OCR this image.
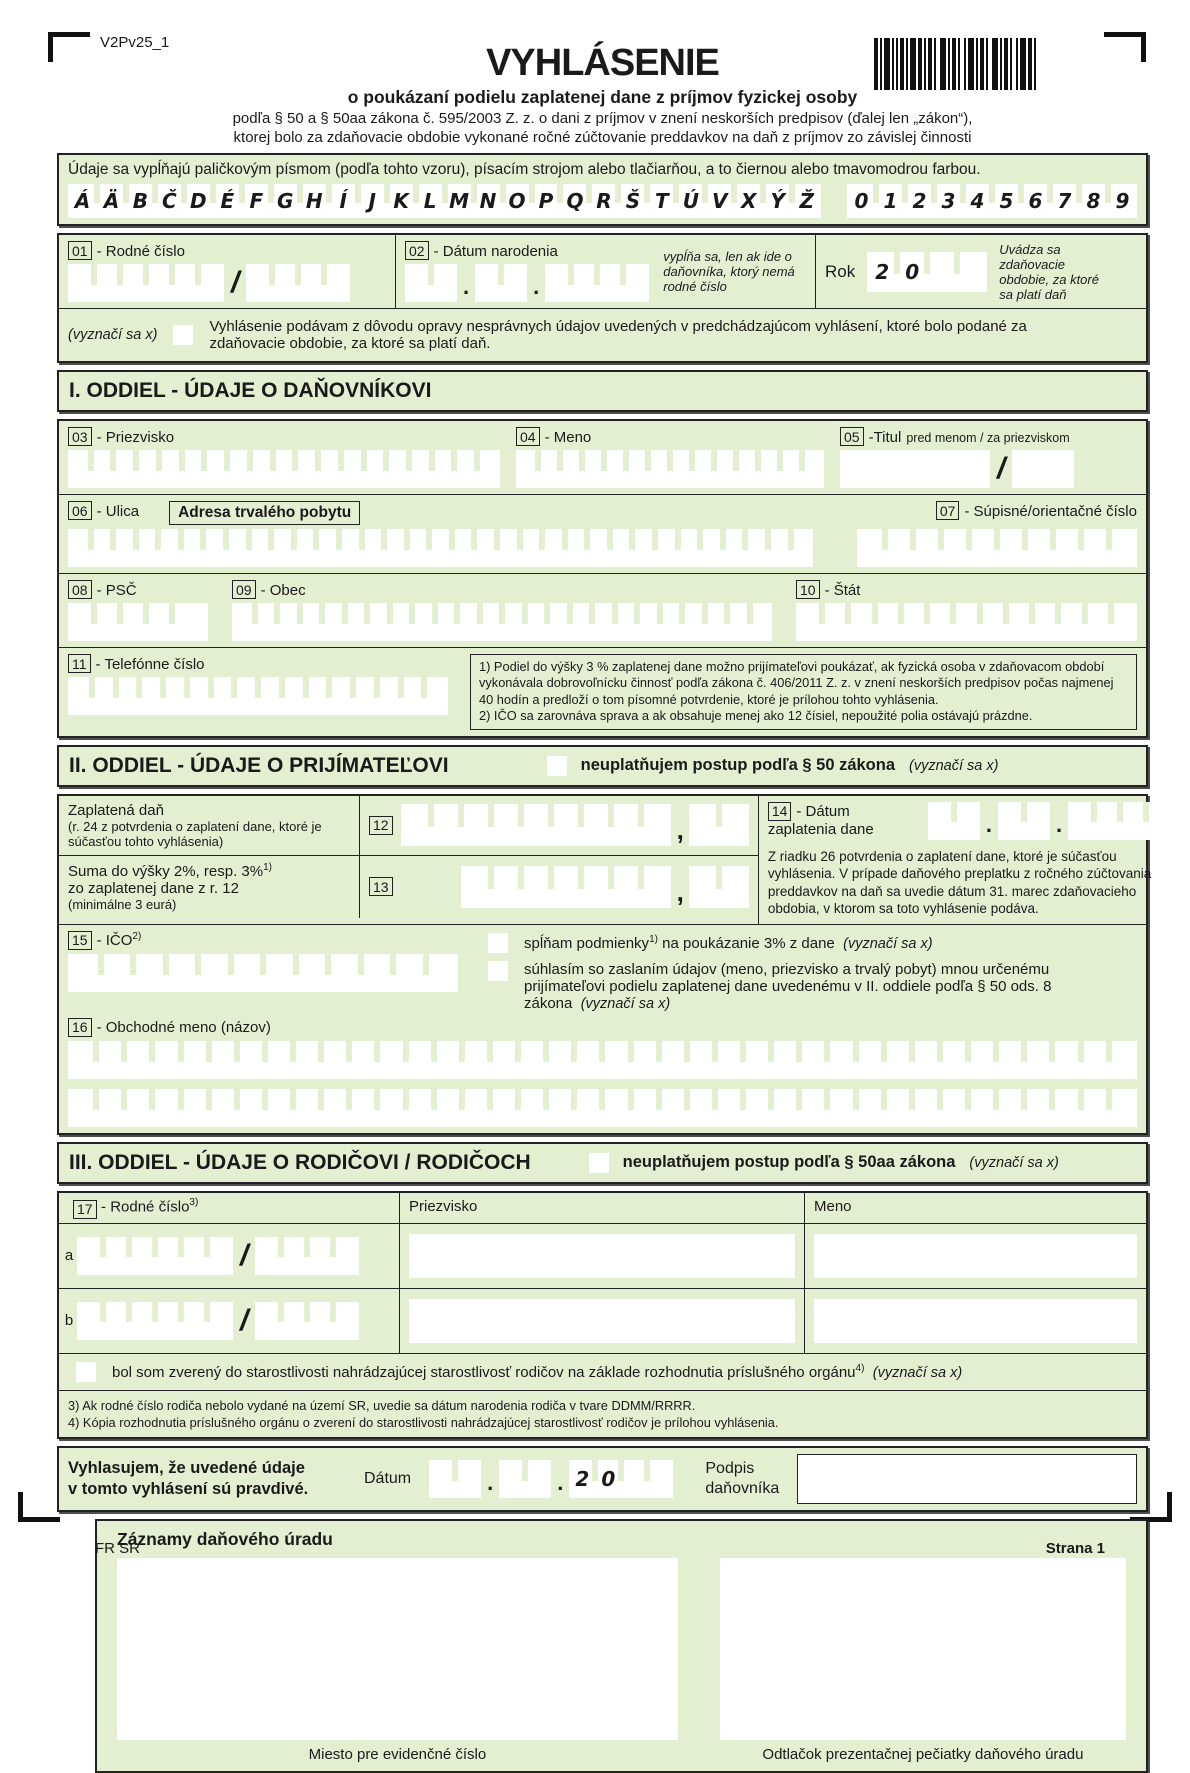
V2Pv25_1	VYHLÁSENIE
o poukázaní podielu zaplatenej dane z príjmov fyzickej osoby
podľa § 50 a § 50aa zákona č. 595/2003 Z. z. o dani z príjmov v znení neskorších predpisov (ďalej len „zákon“),
ktorej bolo za zdaňovacie obdobie vykonané ročné zúčtovanie preddavkov na daň z príjmov zo závislej činnosti
Údaje sa vypĺňajú paličkovým písmom (podľa tohto vzoru), písacím strojom alebo tlačiarňou, a to čiernou alebo tmavomodrou farbou.
Á Ä B Č D É F G H Í	J K L M N O P Q R Š T Ú V X Ý Ž	0 1 2 3 4 5 6 7 8 9
01 - Rodné číslo
/
02 - Dátum narodenia
.	.
vypĺňa sa, len ak ide o daňovníka, ktorý nemá rodné číslo
Rok	2 0
Uvádza sa zdaňovacie obdobie, za ktoré sa platí daň
(vyznačí sa x)	Vyhlásenie podávam z dôvodu opravy nesprávnych údajov uvedených v predchádzajúcom vyhlásení, ktoré bolo podané za zdaňovacie obdobie, za ktoré sa platí daň.
I. ODDIEL - ÚDAJE O DAŇOVNÍKOVI
03 - Priezvisko	04 - Meno	05 -Titul pred menom / za priezviskom
/
06 - Ulica	Adresa trvalého pobytu	07 - Súpisné/orientačné číslo
08 - PSČ	09 - Obec	10 - Štát
11 - Telefónne číslo	1) Podiel do výšky 3 % zaplatenej dane možno prijímateľovi poukázať, ak fyzická osoba v zdaňovacom období vykonávala dobrovoľnícku činnosť podľa zákona č. 406/2011 Z. z. v znení neskorších predpisov počas najmenej 40 hodín a predloží o tom písomné potvrdenie, ktoré je prílohou tohto vyhlásenia.
2) IČO sa zarovnáva sprava a ak obsahuje menej ako 12 čísiel, nepoužité polia ostávajú prázdne.
II. ODDIEL - ÚDAJE O PRIJÍMATEĽOVI	neuplatňujem postup podľa § 50 zákona (vyznačí sa x)
Zaplatená daň
(r. 24 z potvrdenia o zaplatení dane, ktoré je súčasťou tohto vyhlásenia)
12	,
Suma do výšky 2%, resp. 3%$^{1)}$
zo zaplatenej dane z r. 12
(minimálne 3 eurá)
13	,
14 - Dátum
zaplatenia dane	.	.
Z riadku 26 potvrdenia o zaplatení dane, ktoré je súčasťou vyhlásenia. V prípade daňového preplatku z ročného zúčtovania preddavkov na daň sa uvedie dátum 31. marec zdaňovacieho obdobia, v ktorom sa toto vyhlásenie podáva.
15 - IČO$^{2)}$	spĺňam podmienky$^{1)}$ na poukázanie 3% z dane (vyznačí sa x)
súhlasím so zaslaním údajov (meno, priezvisko a trvalý pobyt) mnou určenému prijímateľovi podielu zaplatenej dane uvedenému v II. oddiele podľa § 50 ods. 8 zákona (vyznačí sa x)
16 - Obchodné meno (názov)
III. ODDIEL - ÚDAJE O RODIČOVI / RODIČOCH	neuplatňujem postup podľa § 50aa zákona (vyznačí sa x)
17 - Rodné číslo$^{3)}$	Priezvisko	Meno
a	/
b	/
bol som zverený do starostlivosti nahrádzajúcej starostlivosť rodičov na základe rozhodnutia príslušného orgánu$^{4)}$ (vyznačí sa x)
3) Ak rodné číslo rodiča nebolo vydané na území SR, uvedie sa dátum narodenia rodiča v tvare DDMM/RRRR.
4) Kópia rozhodnutia príslušného orgánu o zverení do starostlivosti nahrádzajúcej starostlivosť rodičov je prílohou vyhlásenia.
Vyhlasujem, že uvedené údaje
v tomto vyhlásení sú pravdivé.
Dátum	.	. 2 0	Podpis
daňovníka
Záznamy daňového úradu
Miesto pre evidenčné číslo	Odtlačok prezentačnej pečiatky daňového úradu
FR SR	Strana 1
